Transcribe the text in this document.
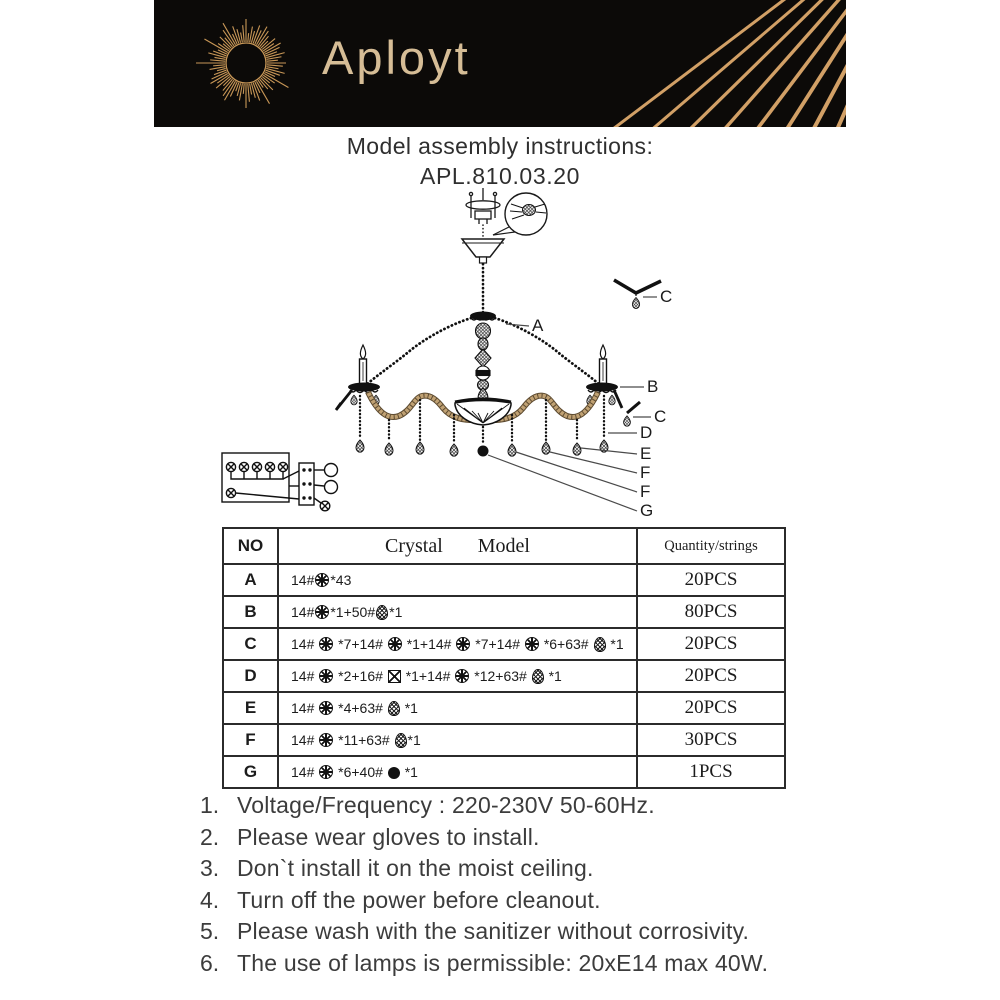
Aployt
Model assembly instructions:
APL.810.03.20
C
A
B
C
D
E
F
F
G
NO	Crystal Model	Quantity/strings
A	14# *43	20PCS
B	14# *1+50# *1	80PCS
C	14#  *7+14#  *1+14#  *7+14#  *6+63#  *1	20PCS
D	14#  *2+16#  *1+14#  *12+63#  *1	20PCS
E	14#  *4+63#  *1	20PCS
F	14#  *11+63# *1	30PCS
G	14#  *6+40#  *1	1PCS
1. Voltage/Frequency : 220-230V 50-60Hz.
2. Please wear gloves to install.
3. Don`t install it on the moist ceiling.
4. Turn off the power before cleanout.
5. Please wash with the sanitizer without corrosivity.
6. The use of lamps is permissible: 20xE14 max 40W.
